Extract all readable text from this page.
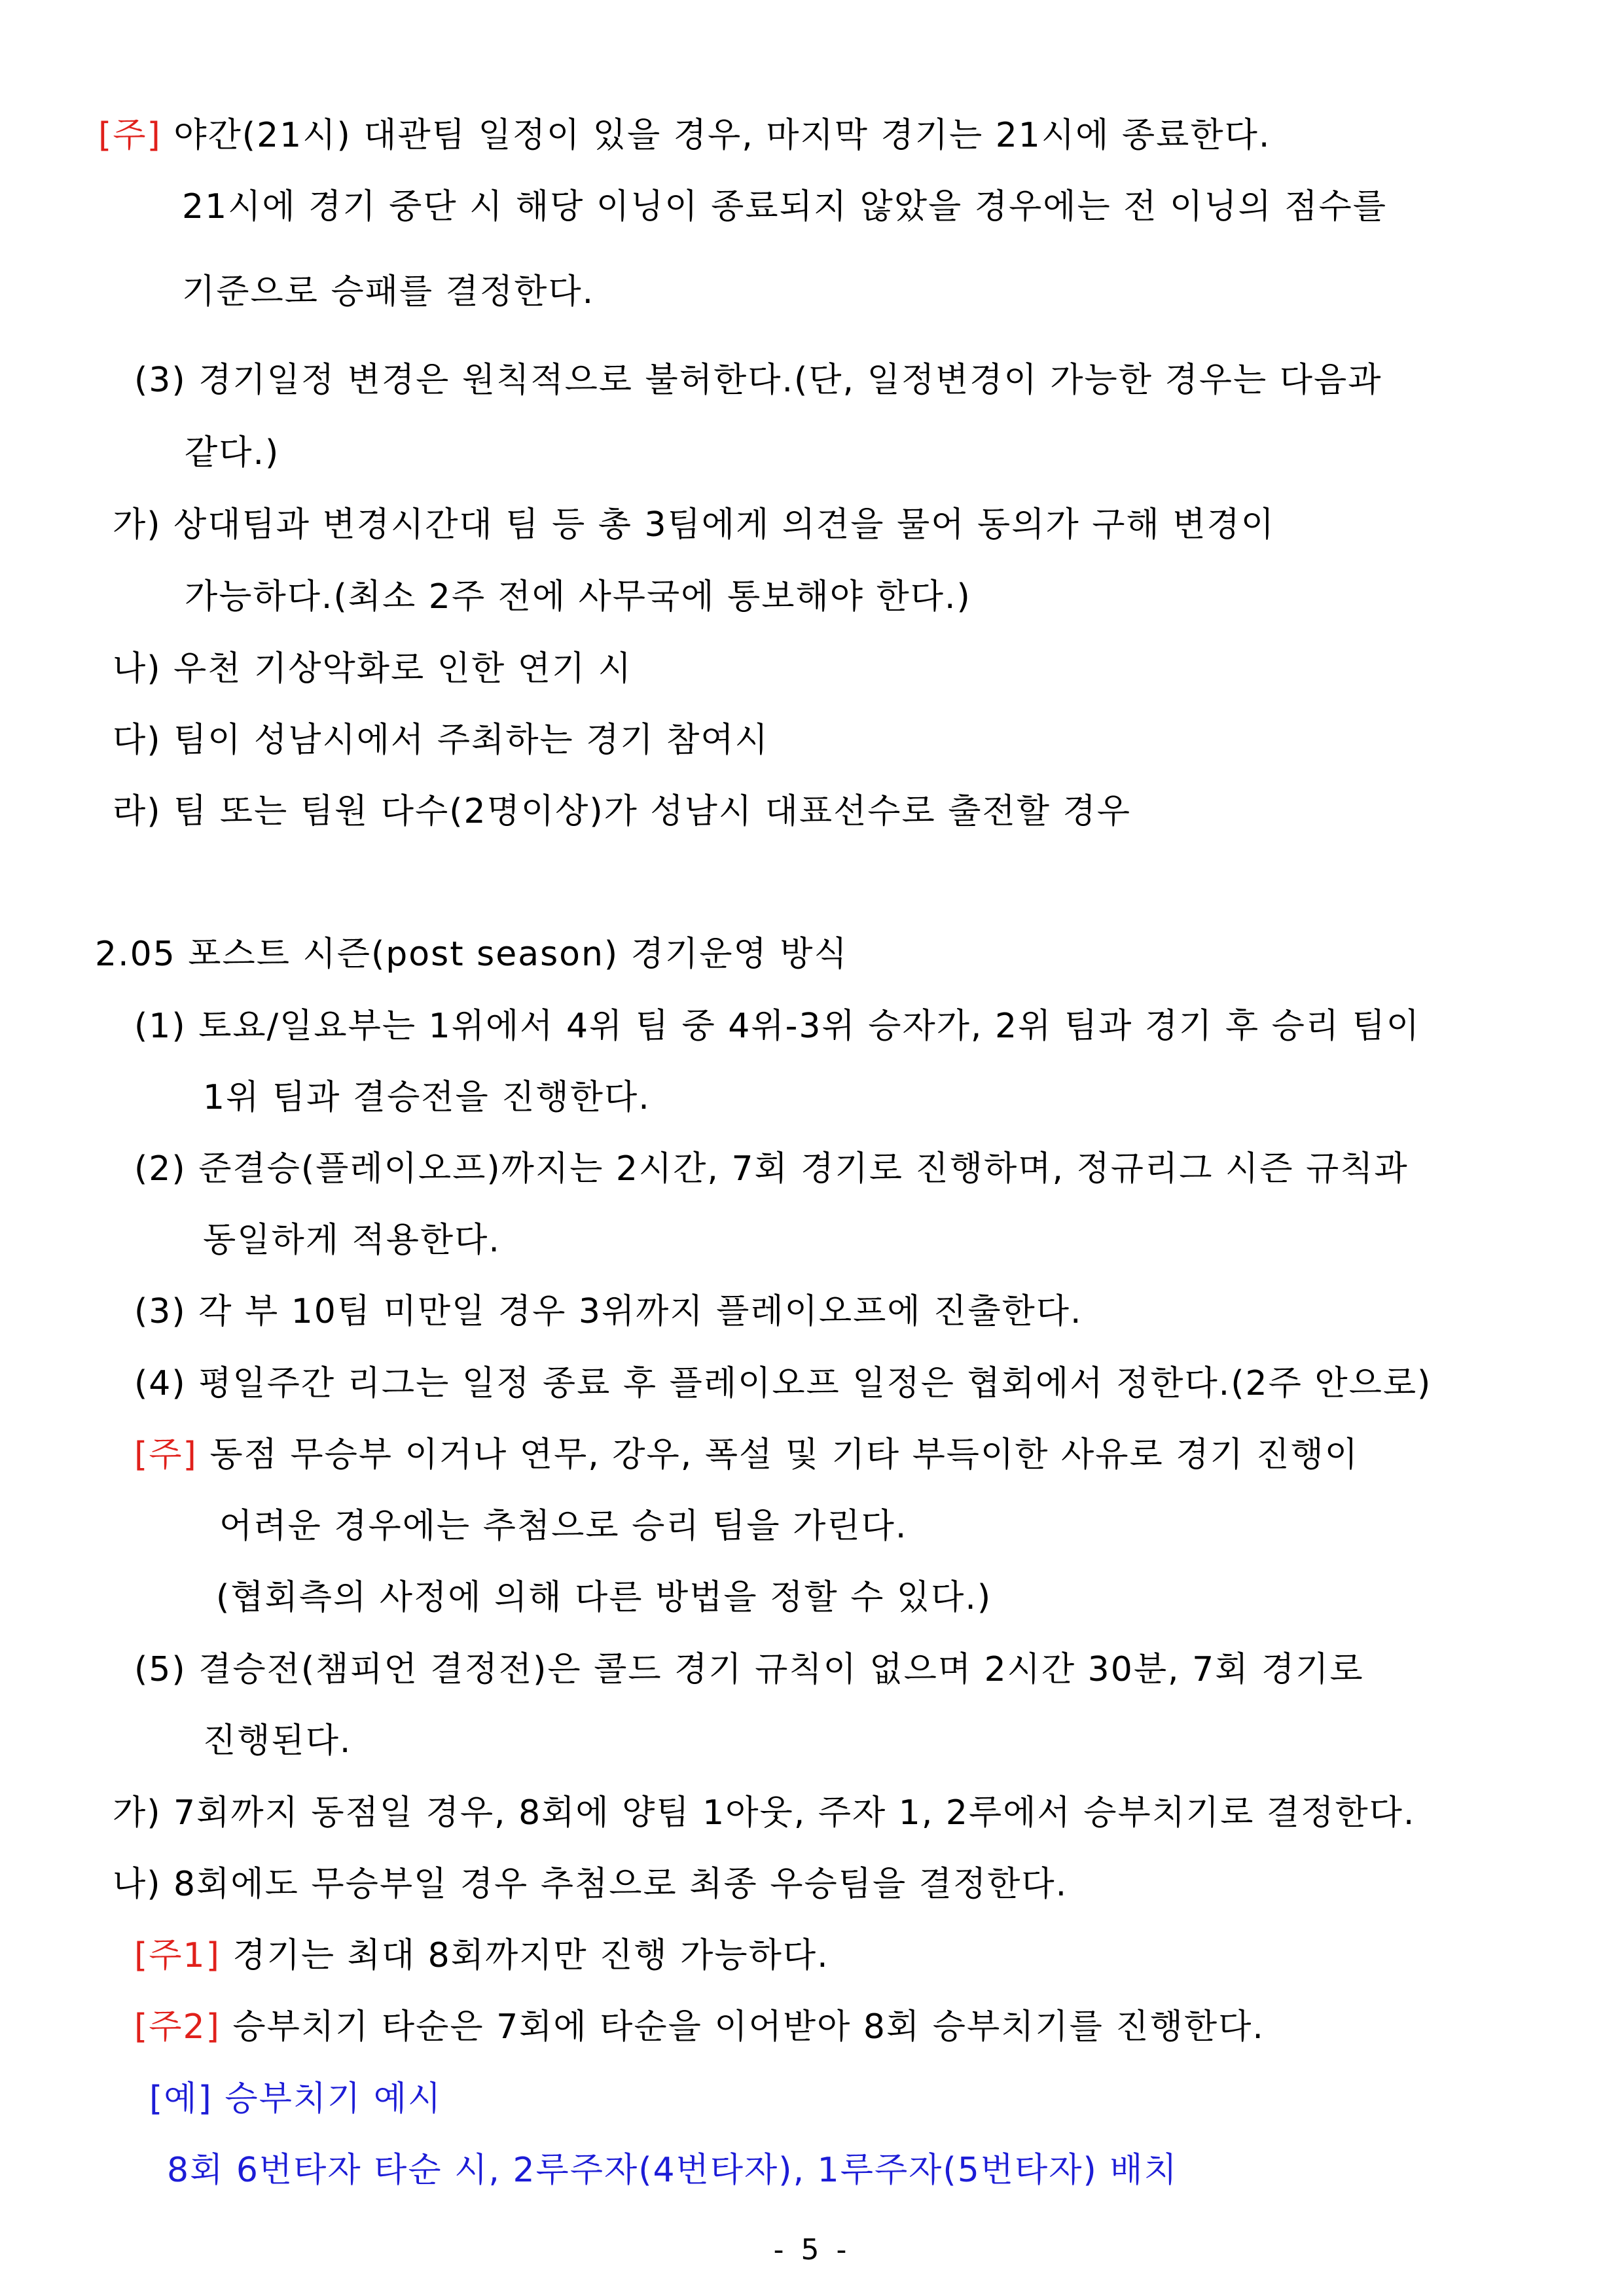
[주] 야간(21시) 대관팀 일정이 있을 경우, 마지막 경기는 21시에 종료한다.
21시에 경기 중단 시 해당 이닝이 종료되지 않았을 경우에는 전 이닝의 점수를
기준으로 승패를 결정한다.
(3) 경기일정 변경은 원칙적으로 불허한다.(단, 일정변경이 가능한 경우는 다음과
같다.)
가) 상대팀과 변경시간대 팀 등 총 3팀에게 의견을 물어 동의가 구해 변경이
가능하다.(최소 2주 전에 사무국에 통보해야 한다.)
나) 우천 기상악화로 인한 연기 시
다) 팀이 성남시에서 주최하는 경기 참여시
라) 팀 또는 팀원 다수(2명이상)가 성남시 대표선수로 출전할 경우
2.05 포스트 시즌(post season) 경기운영 방식
(1) 토요/일요부는 1위에서 4위 팀 중 4위-3위 승자가, 2위 팀과 경기 후 승리 팀이
1위 팀과 결승전을 진행한다.
(2) 준결승(플레이오프)까지는 2시간, 7회 경기로 진행하며, 정규리그 시즌 규칙과
동일하게 적용한다.
(3) 각 부 10팀 미만일 경우 3위까지 플레이오프에 진출한다.
(4) 평일주간 리그는 일정 종료 후 플레이오프 일정은 협회에서 정한다.(2주 안으로)
[주] 동점 무승부 이거나 연무, 강우, 폭설 및 기타 부득이한 사유로 경기 진행이
어려운 경우에는 추첨으로 승리 팀을 가린다.
(협회측의 사정에 의해 다른 방법을 정할 수 있다.)
(5) 결승전(챔피언 결정전)은 콜드 경기 규칙이 없으며 2시간 30분, 7회 경기로
진행된다.
가) 7회까지 동점일 경우, 8회에 양팀 1아웃, 주자 1, 2루에서 승부치기로 결정한다.
나) 8회에도 무승부일 경우 추첨으로 최종 우승팀을 결정한다.
[주1] 경기는 최대 8회까지만 진행 가능하다.
[주2] 승부치기 타순은 7회에 타순을 이어받아 8회 승부치기를 진행한다.
[예] 승부치기 예시
8회 6번타자 타순 시, 2루주자(4번타자), 1루주자(5번타자) 배치
- 5 -
